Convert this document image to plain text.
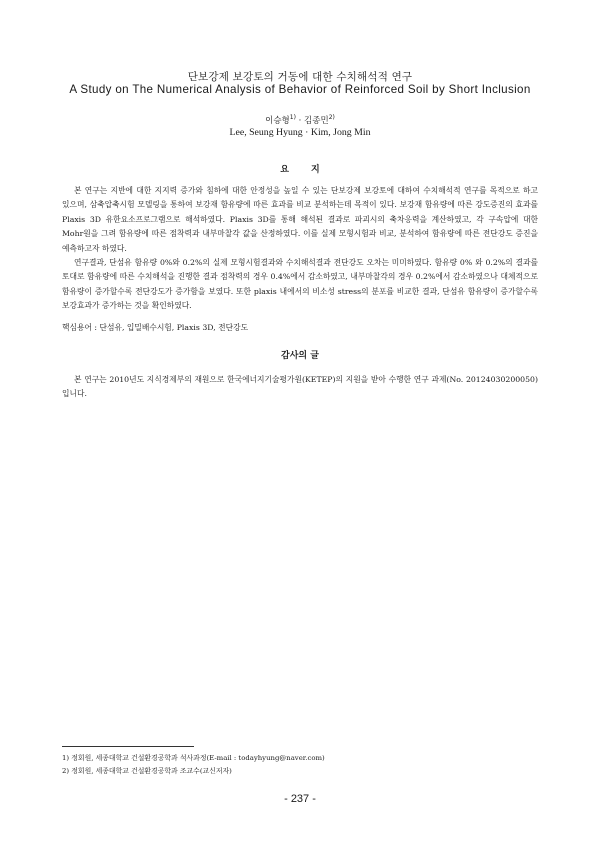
단보강제 보강토의 거동에 대한 수치해석적 연구
A Study on The Numerical Analysis of Behavior of Reinforced Soil by Short Inclusion
이승형$^{1)}$ · 김종민$^{2)}$
Lee, Seung Hyung · Kim, Jong Min
요지

본 연구는 지반에 대한 지지력 증가와 침하에 대한 안정성을 높일 수 있는 단보강제 보강토에 대하여 수치해석적 연구를 목적으로 하고 있으며, 삼축압축시험 모델링을 통하여 보강재 함유량에 따른 효과를 비교 분석하는데 목적이 있다. 보강재 함유량에 따른 강도증진의 효과를 Plaxis 3D 유한요소프로그램으로 해석하였다. Plaxis 3D를 통해 해석된 결과로 파괴시의 축차응력을 계산하였고, 각 구속압에 대한 Mohr원을 그려 함유량에 따른 점착력과 내부마찰각 값을 산정하였다. 이를 실제 모형시험과 비교, 분석하여 함유량에 따른 전단강도 증진을 예측하고자 하였다.

연구결과, 단섬유 함유량 0%와 0.2%의 실제 모형시험결과와 수치해석결과 전단강도 오차는 미미하였다. 함유량 0% 와 0.2%의 결과를 토대로 함유량에 따른 수치해석을 진행한 결과 점착력의 경우 0.4%에서 감소하였고, 내부마찰각의 경우 0.2%에서 감소하였으나 대체적으로 함유량이 증가할수록 전단강도가 증가함을 보였다. 또한 plaxis 내에서의 비소성 stress의 분포를 비교한 결과, 단섬유 함유량이 증가할수록 보강효과가 증가하는 것을 확인하였다.

핵심용어 : 단섬유, 입밀배수시험, Plaxis 3D, 전단강도
감사의 글

본 연구는 2010년도 지식경제부의 재원으로 한국에너지기술평가원(KETEP)의 지원을 받아 수행한 연구 과제(No. 20124030200050)입니다.

1) 정회원, 세종대학교 건설환경공학과 석사과정(E-mail : todayhyung@naver.com)
2) 정회원, 세종대학교 건설환경공학과 조교수(교신저자)
- 237 -
